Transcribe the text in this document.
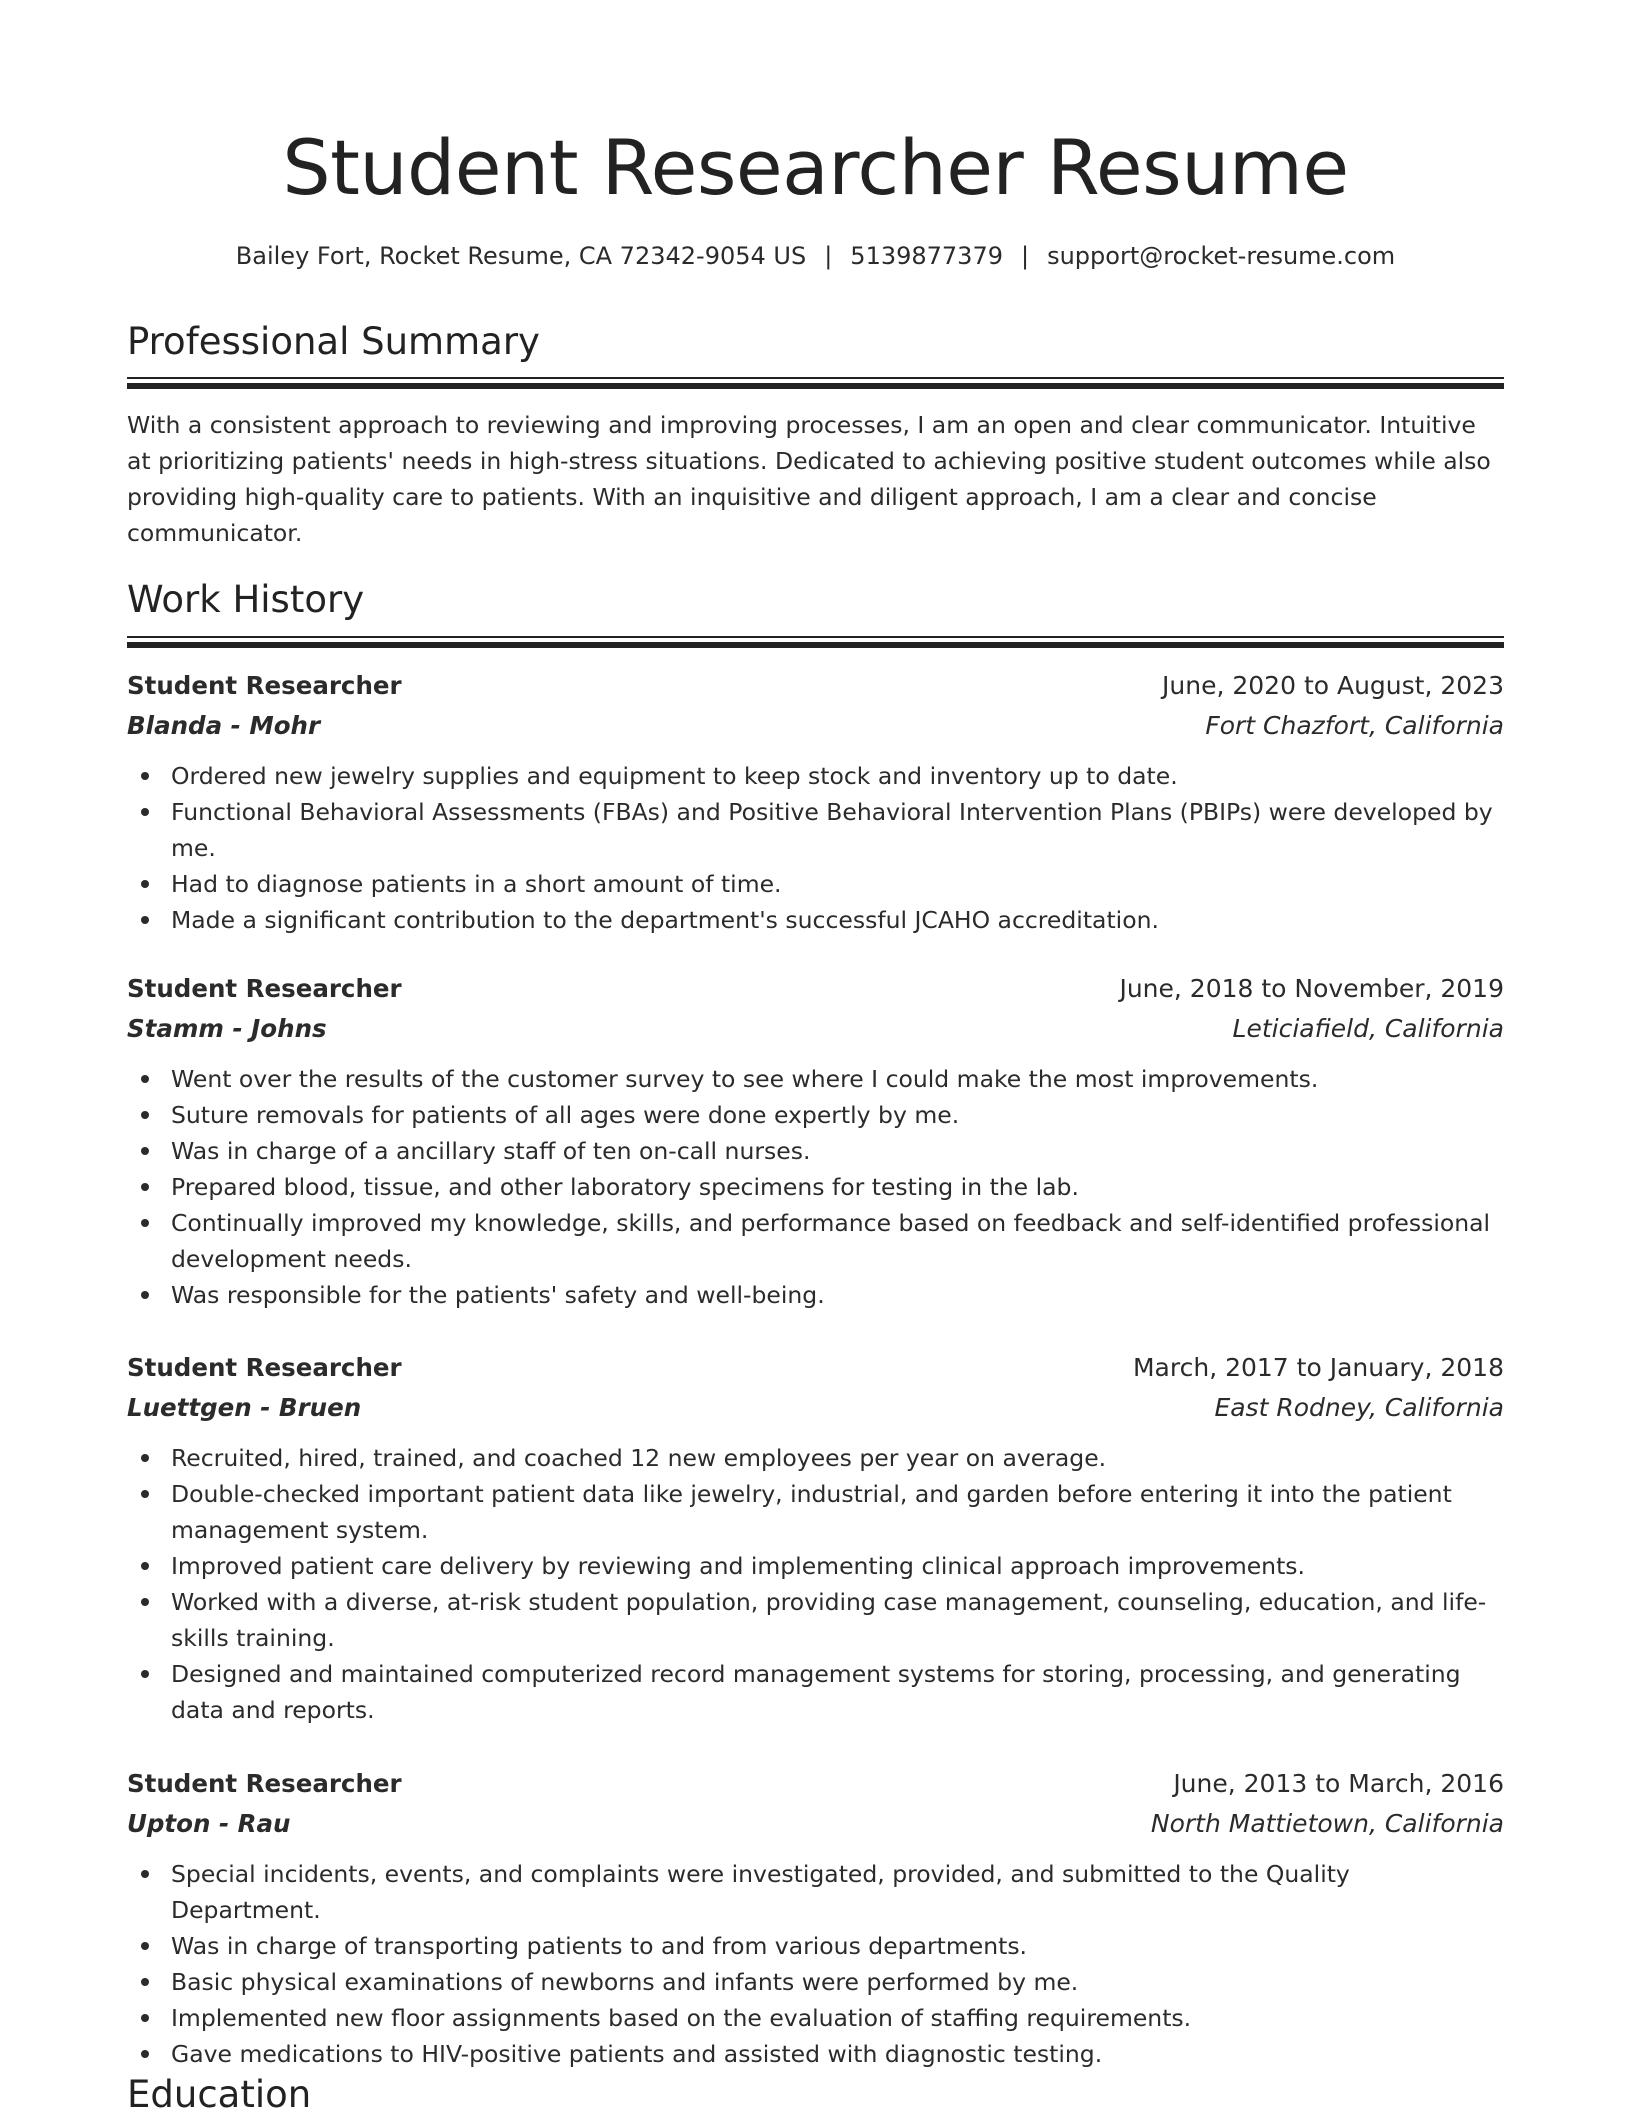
Student Researcher Resume
Bailey Fort, Rocket Resume, CA 72342-9054 US | 5139877379 | support@rocket-resume.com
Professional Summary

With a consistent approach to reviewing and improving processes, I am an open and clear communicator. Intuitive at prioritizing patients' needs in high-stress situations. Dedicated to achieving positive student outcomes while also providing high-quality care to patients. With an inquisitive and diligent approach, I am a clear and concise communicator.

Work History
Student Researcher	June, 2020 to August, 2023
Blanda - Mohr	Fort Chazfort, California
Ordered new jewelry supplies and equipment to keep stock and inventory up to date.
Functional Behavioral Assessments (FBAs) and Positive Behavioral Intervention Plans (PBIPs) were developed by me.
Had to diagnose patients in a short amount of time.
Made a significant contribution to the department's successful JCAHO accreditation.
Student Researcher	June, 2018 to November, 2019
Stamm - Johns	Leticiafield, California
Went over the results of the customer survey to see where I could make the most improvements.
Suture removals for patients of all ages were done expertly by me.
Was in charge of a ancillary staff of ten on-call nurses.
Prepared blood, tissue, and other laboratory specimens for testing in the lab.
Continually improved my knowledge, skills, and performance based on feedback and self-identified professional development needs.
Was responsible for the patients' safety and well-being.
Student Researcher	March, 2017 to January, 2018
Luettgen - Bruen	East Rodney, California
Recruited, hired, trained, and coached 12 new employees per year on average.
Double-checked important patient data like jewelry, industrial, and garden before entering it into the patient management system.
Improved patient care delivery by reviewing and implementing clinical approach improvements.
Worked with a diverse, at-risk student population, providing case management, counseling, education, and life-skills training.
Designed and maintained computerized record management systems for storing, processing, and generating data and reports.
Student Researcher	June, 2013 to March, 2016
Upton - Rau	North Mattietown, California
Special incidents, events, and complaints were investigated, provided, and submitted to the Quality Department.
Was in charge of transporting patients to and from various departments.
Basic physical examinations of newborns and infants were performed by me.
Implemented new floor assignments based on the evaluation of staffing requirements.
Gave medications to HIV-positive patients and assisted with diagnostic testing.
Education
